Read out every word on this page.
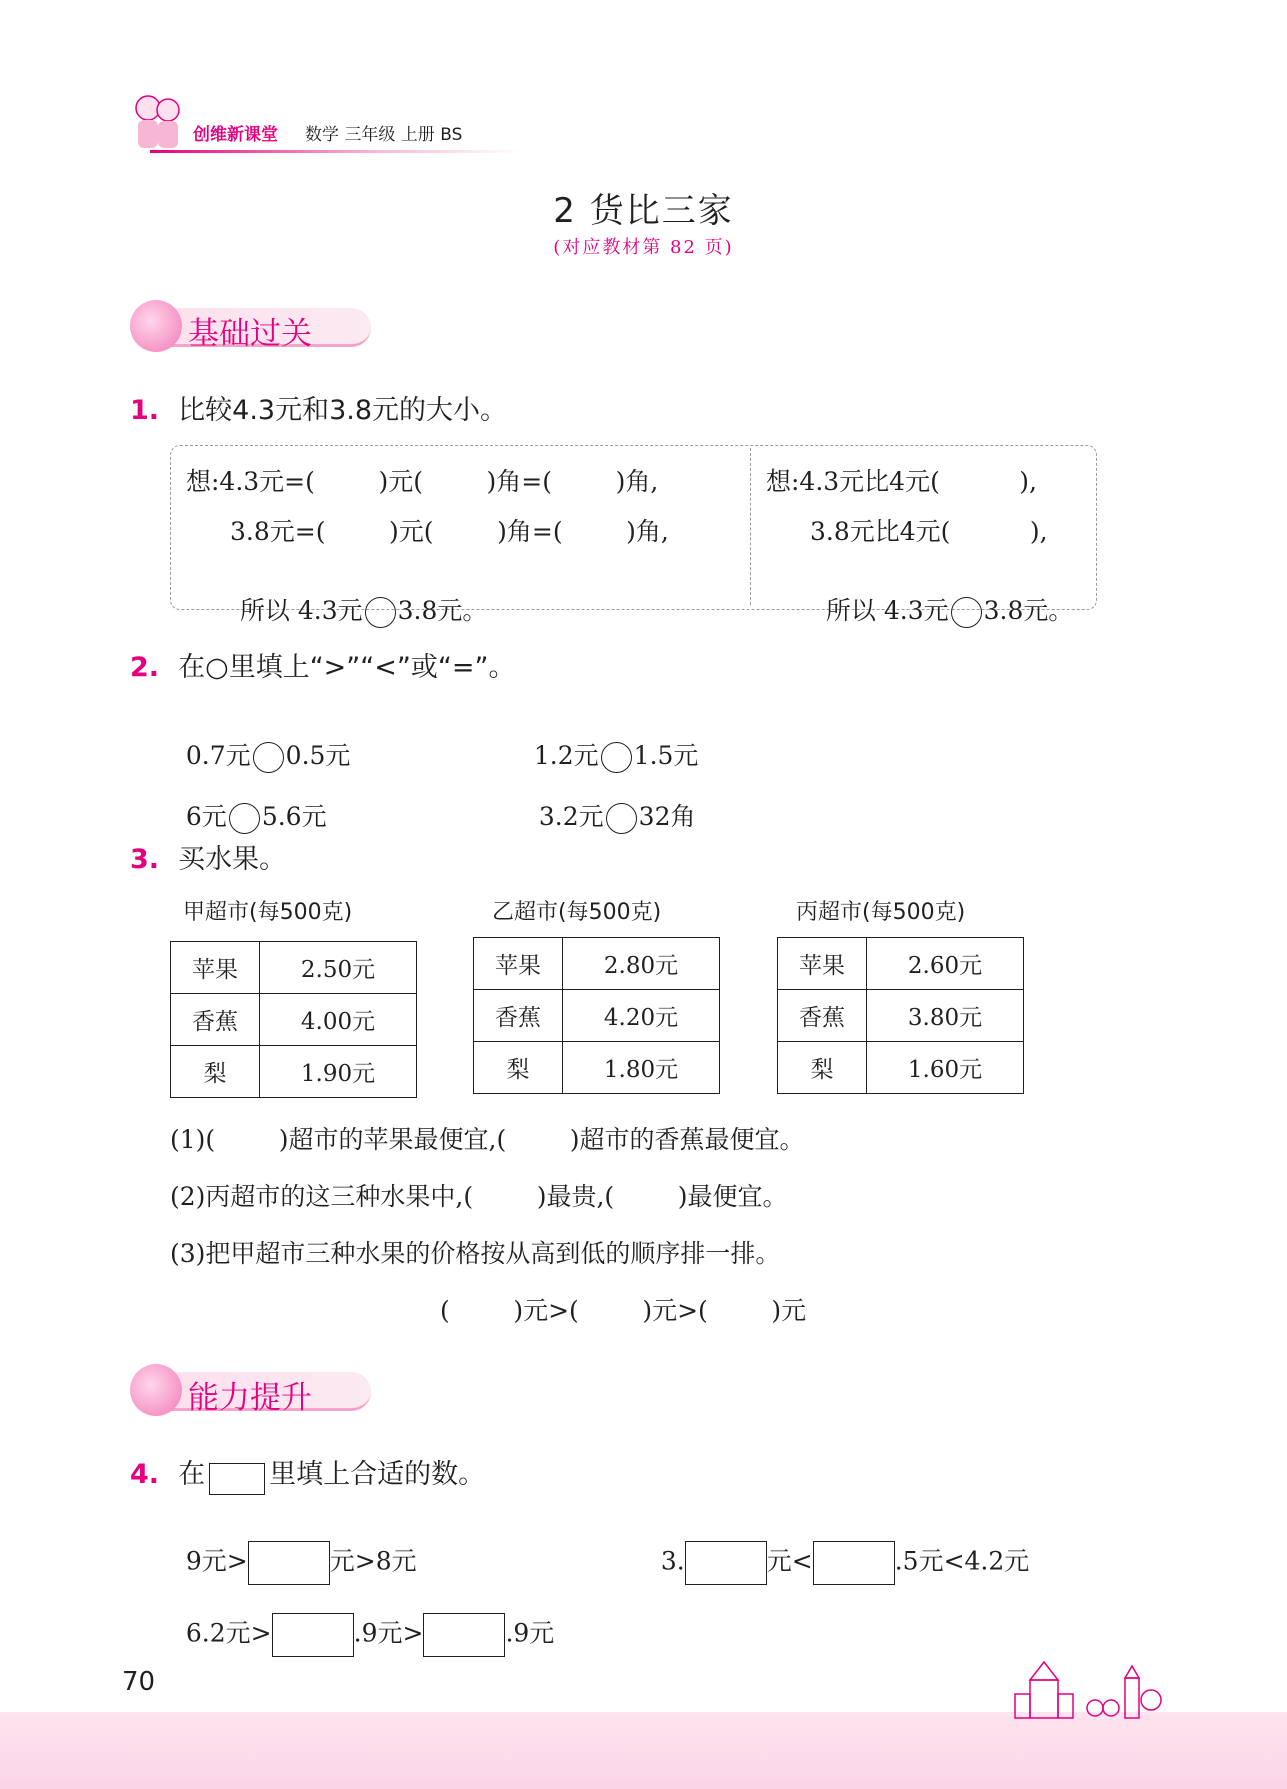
创维新课堂 数学 三年级 上册 BS
2 货比三家
(对应教材第 82 页)
基础过关
1. 比较4.3元和3.8元的大小。
想:4.3元=(        )元(        )角=(        )角,
3.8元=(        )元(        )角=(        )角,

所以 4.3元 3.8元。

想:4.3元比4元(          ),
3.8元比4元(          ),

所以 4.3元 3.8元。

2. 在○里填上“>”“<”或“=”。

0.7元 0.5元	1.2元 1.5元

6元 5.6元	3.2元 32角

3. 买水果。
甲超市(每500克)
苹果	2.50元
香蕉	4.00元
梨	1.90元
乙超市(每500克)
苹果	2.80元
香蕉	4.20元
梨	1.80元
丙超市(每500克)
苹果	2.60元
香蕉	3.80元
梨	1.60元
(1)(        )超市的苹果最便宜,(        )超市的香蕉最便宜。
(2)丙超市的这三种水果中,(        )最贵,(        )最便宜。
(3)把甲超市三种水果的价格按从高到低的顺序排一排。
(        )元>(        )元>(        )元
能力提升
4. 在 里填上合适的数。

9元>	元>8元	3.	元<	.5元<4.2元

6.2元>	.9元>	.9元

70
